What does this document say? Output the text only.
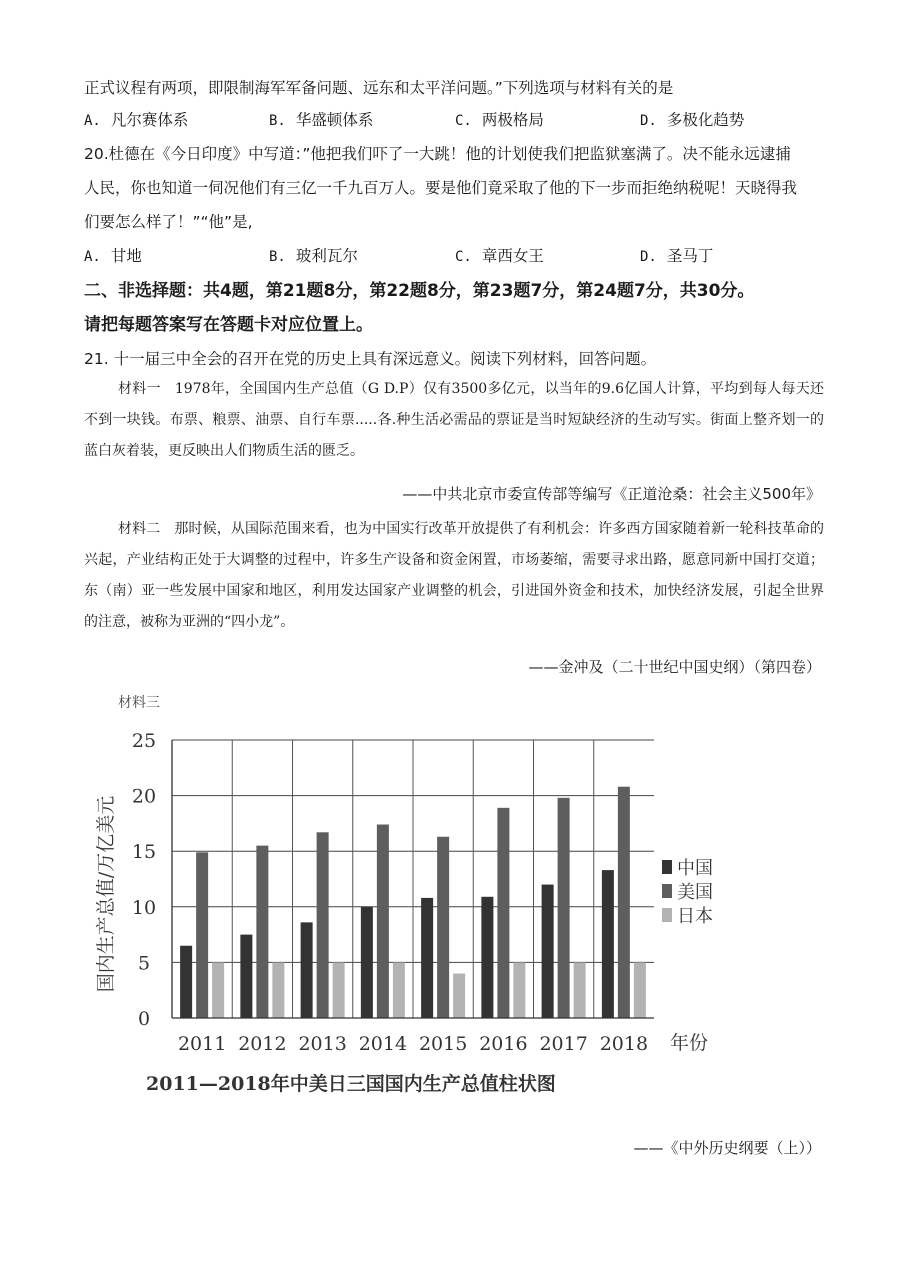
正式议程有两项，即限制海军军备问题、远东和太平洋问题。”下列选项与材料有关的是
A. 凡尔赛体系	B. 华盛顿体系	C. 两极格局	D. 多极化趋势
20.杜德在《今日印度》中写道：”他把我们吓了一大跳！他的计划使我们把监狱塞满了。决不能永远逮捕
人民，你也知道一伺况他们有三亿一千九百万人。要是他们竟采取了他的下一步而拒绝纳税呢！天晓得我
们要怎么样了！”“他”是,
A. 甘地	B. 玻利瓦尔	C. 章西女王	D. 圣马丁
二、非选择题：共4题，第21题8分，第22题8分，第23题7分，第24题7分，共30分。
请把每题答案写在答题卡对应位置上。
21. 十一届三中全会的召开在党的历史上具有深远意义。阅读下列材料，回答问题。

材料一 1978年，全国国内生产总值（G D.P）仅有3500多亿元，以当年的9.6亿国人计算，平均到每人每天还不到一块钱。布票、粮票、油票、自行车票.....各.种生活必需品的票证是当时短缺经济的生动写实。街面上整齐划一的蓝白灰着装，更反映出人们物质生活的匮乏。

——中共北京市委宣传部等编写《正道沧桑：社会主义500年》

材料二 那时候，从国际范围来看，也为中国实行改革开放提供了有利机会：许多西方国家随着新一轮科技革命的兴起，产业结构正处于大调整的过程中，许多生产设备和资金闲置，市场萎缩，需要寻求出路，愿意同新中国打交道；东（南）亚一些发展中国家和地区，利用发达国家产业调整的机会，引进国外资金和技术，加快经济发展，引起全世界的注意，被称为亚洲的“四小龙”。

——金冲及（二十世纪中国史纲）（第四卷）
材料三
0
5
10
15
20
25
2011 2012 2013 2014 2015 2016 2017 2018
国内生产总值/万亿美元
年份
2011—2018年中美日三国国内生产总值柱状图
中国
美国
日本
——《中外历史纲要（上））
